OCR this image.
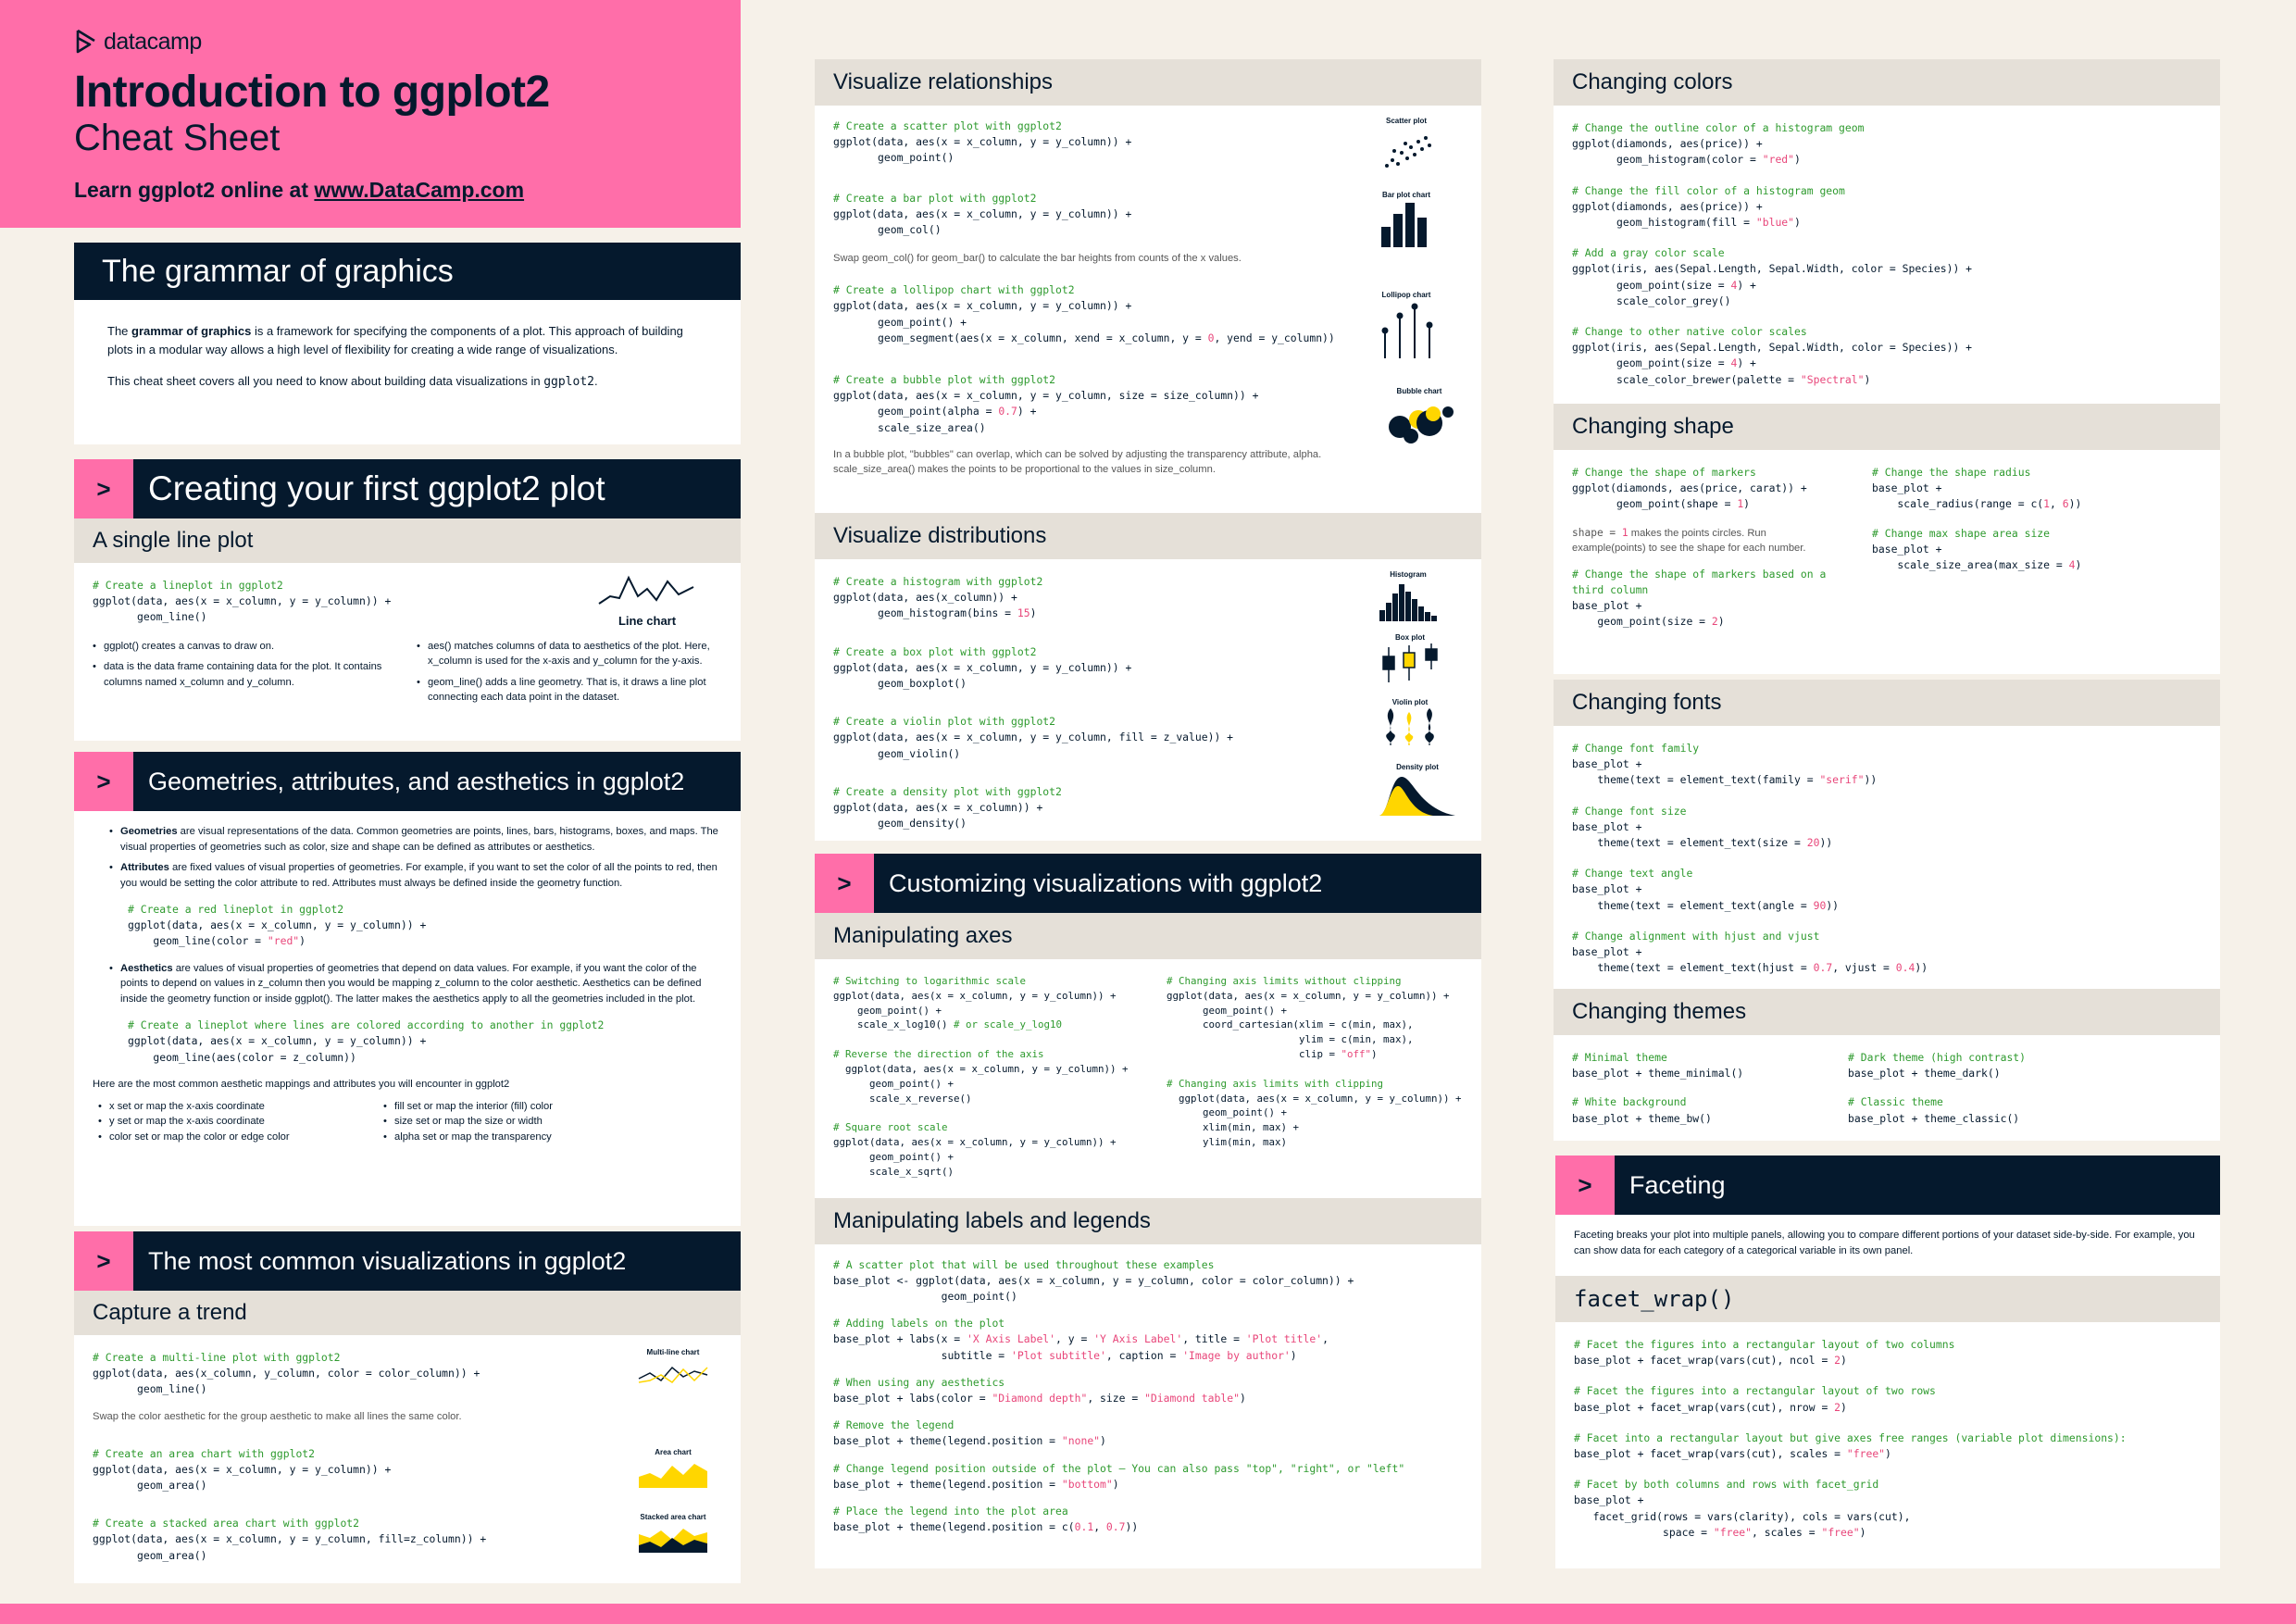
datacamp
Introduction to ggplot2
Cheat Sheet
Learn ggplot2 online at www.DataCamp.com
The grammar of graphics

The grammar of graphics is a framework for specifying the components of a plot. This approach of building plots in a modular way allows a high level of flexibility for creating a wide range of visualizations.

This cheat sheet covers all you need to know about building data visualizations in ggplot2.

>	Creating your first ggplot2 plot
A single line plot
# Create a lineplot in ggplot2
ggplot(data, aes(x = x_column, y = y_column)) +
geom_line()	Line chart
• ggplot() creates a canvas to draw on.
• data is the data frame containing data for the plot. It contains columns named x_column and y_column.
• aes() matches columns of data to aesthetics of the plot. Here, x_column is used for the x-axis and y_column for the y-axis.
• geom_line() adds a line geometry. That is, it draws a line plot connecting each data point in the dataset.
>	Geometries, attributes, and aesthetics in ggplot2
• Geometries are visual representations of the data. Common geometries are points, lines, bars, histograms, boxes, and maps. The visual properties of geometries such as color, size and shape can be defined as attributes or aesthetics.
• Attributes are fixed values of visual properties of geometries. For example, if you want to set the color of all the points to red, then you would be setting the color attribute to red. Attributes must always be defined inside the geometry function.
# Create a red lineplot in ggplot2
ggplot(data, aes(x = x_column, y = y_column)) +
geom_line(color = "red")
• Aesthetics are values of visual properties of geometries that depend on data values. For example, if you want the color of the points to depend on values in z_column then you would be mapping z_column to the color aesthetic. Aesthetics can be defined inside the geometry function or inside ggplot(). The latter makes the aesthetics apply to all the geometries included in the plot.
# Create a lineplot where lines are colored according to another in ggplot2
ggplot(data, aes(x = x_column, y = y_column)) +
geom_line(aes(color = z_column))
Here are the most common aesthetic mappings and attributes you will encounter in ggplot2
• x set or map the x-axis coordinate
• y set or map the x-axis coordinate
• color set or map the color or edge color
• fill set or map the interior (fill) color
• size set or map the size or width
• alpha set or map the transparency
>	The most common visualizations in ggplot2
Capture a trend
# Create a multi-line plot with ggplot2
ggplot(data, aes(x_column, y_column, color = color_column)) +
geom_line()
Swap the color aesthetic for the group aesthetic to make all lines the same color.
# Create an area chart with ggplot2
ggplot(data, aes(x = x_column, y = y_column)) +
geom_area()
# Create a stacked area chart with ggplot2
ggplot(data, aes(x = x_column, y = y_column, fill=z_column)) +
geom_area()
Multi-line chart
Area chart
Stacked area chart
Visualize relationships
# Create a scatter plot with ggplot2
ggplot(data, aes(x = x_column, y = y_column)) +
geom_point()
# Create a bar plot with ggplot2
ggplot(data, aes(x = x_column, y = y_column)) +
geom_col()
Swap geom_col() for geom_bar() to calculate the bar heights from counts of the x values.
# Create a lollipop chart with ggplot2
ggplot(data, aes(x = x_column, y = y_column)) +
geom_point() +
geom_segment(aes(x = x_column, xend = x_column, y = 0, yend = y_column))
# Create a bubble plot with ggplot2
ggplot(data, aes(x = x_column, y = y_column, size = size_column)) +
geom_point(alpha = 0.7) +
scale_size_area()
In a bubble plot, "bubbles" can overlap, which can be solved by adjusting the transparency attribute, alpha. scale_size_area() makes the points to be proportional to the values in size_column.
Scatter plot
Bar plot chart
Lollipop chart
Bubble chart
Visualize distributions
# Create a histogram with ggplot2
ggplot(data, aes(x_column)) +
geom_histogram(bins = 15)
# Create a box plot with ggplot2
ggplot(data, aes(x = x_column, y = y_column)) +
geom_boxplot()
# Create a violin plot with ggplot2
ggplot(data, aes(x = x_column, y = y_column, fill = z_value)) +
geom_violin()
# Create a density plot with ggplot2
ggplot(data, aes(x = x_column)) +
geom_density()
Histogram
Box plot
Violin plot
Density plot
>	Customizing visualizations with ggplot2
Manipulating axes
# Switching to logarithmic scale
ggplot(data, aes(x = x_column, y = y_column)) +
geom_point() +
scale_x_log10() # or scale_y_log10
# Reverse the direction of the axis
ggplot(data, aes(x = x_column, y = y_column)) +
geom_point() +
scale_x_reverse()
# Square root scale
ggplot(data, aes(x = x_column, y = y_column)) +
geom_point() +
scale_x_sqrt()
# Changing axis limits without clipping
ggplot(data, aes(x = x_column, y = y_column)) +
geom_point() +
coord_cartesian(xlim = c(min, max),
ylim = c(min, max),
clip = "off")
# Changing axis limits with clipping
ggplot(data, aes(x = x_column, y = y_column)) +
geom_point() +
xlim(min, max) +
ylim(min, max)
Manipulating labels and legends
# A scatter plot that will be used throughout these examples
base_plot <- ggplot(data, aes(x = x_column, y = y_column, color = color_column)) +
geom_point()
# Adding labels on the plot
base_plot + labs(x = 'X Axis Label', y = 'Y Axis Label', title = 'Plot title',
subtitle = 'Plot subtitle', caption = 'Image by author')
# When using any aesthetics
base_plot + labs(color = "Diamond depth", size = "Diamond table")
# Remove the legend
base_plot + theme(legend.position = "none")
# Change legend position outside of the plot — You can also pass "top", "right", or "left"
base_plot + theme(legend.position = "bottom")
# Place the legend into the plot area
base_plot + theme(legend.position = c(0.1, 0.7))
Changing colors
# Change the outline color of a histogram geom
ggplot(diamonds, aes(price)) +
geom_histogram(color = "red")
# Change the fill color of a histogram geom
ggplot(diamonds, aes(price)) +
geom_histogram(fill = "blue")
# Add a gray color scale
ggplot(iris, aes(Sepal.Length, Sepal.Width, color = Species)) +
geom_point(size = 4) +
scale_color_grey()
# Change to other native color scales
ggplot(iris, aes(Sepal.Length, Sepal.Width, color = Species)) +
geom_point(size = 4) +
scale_color_brewer(palette = "Spectral")
Changing shape
# Change the shape of markers
ggplot(diamonds, aes(price, carat)) +
geom_point(shape = 1)
shape = 1 makes the points circles. Run
example(points) to see the shape for each number.
# Change the shape of markers based on a
third column
base_plot +
geom_point(size = 2)
# Change the shape radius
base_plot +
scale_radius(range = c(1, 6))
# Change max shape area size
base_plot +
scale_size_area(max_size = 4)
Changing fonts
# Change font family
base_plot +
theme(text = element_text(family = "serif"))
# Change font size
base_plot +
theme(text = element_text(size = 20))
# Change text angle
base_plot +
theme(text = element_text(angle = 90))
# Change alignment with hjust and vjust
base_plot +
theme(text = element_text(hjust = 0.7, vjust = 0.4))
Changing themes
# Minimal theme
base_plot + theme_minimal()
# White background
base_plot + theme_bw()
# Dark theme (high contrast)
base_plot + theme_dark()
# Classic theme
base_plot + theme_classic()
>	Faceting
Faceting breaks your plot into multiple panels, allowing you to compare different portions of your dataset side-by-side. For example, you can show data for each category of a categorical variable in its own panel.
facet_wrap()
# Facet the figures into a rectangular layout of two columns
base_plot + facet_wrap(vars(cut), ncol = 2)
# Facet the figures into a rectangular layout of two rows
base_plot + facet_wrap(vars(cut), nrow = 2)
# Facet into a rectangular layout but give axes free ranges (variable plot dimensions):
base_plot + facet_wrap(vars(cut), scales = "free")
# Facet by both columns and rows with facet_grid
base_plot +
facet_grid(rows = vars(clarity), cols = vars(cut),
space = "free", scales = "free")
